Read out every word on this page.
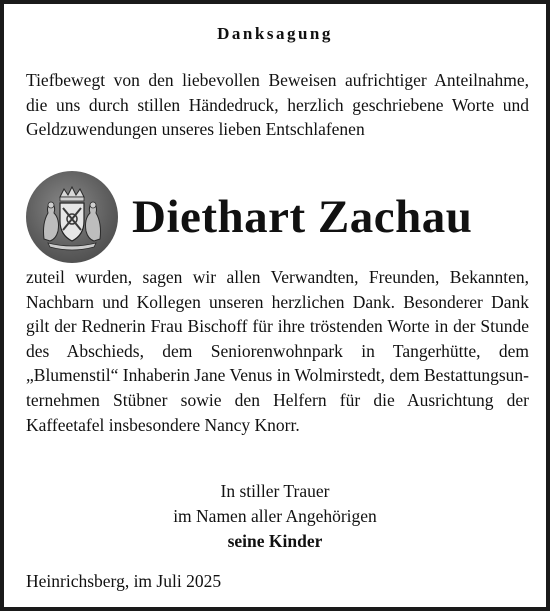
Danksagung

Tiefbewegt von den liebevollen Beweisen aufrichtiger Anteilnahme, die uns durch stillen Händedruck, herzlich geschriebene Worte und Geldzuwendungen unseres lieben Entschlafenen

Diethart Zachau

zuteil wurden, sagen wir allen Verwandten, Freunden, Bekannten, Nachbarn und Kollegen unseren herzlichen Dank. Besonderer Dank gilt der Rednerin Frau Bischoff für ihre tröstenden Worte in der Stunde des Abschieds, dem Seniorenwohnpark in Tangerhütte, dem „Blumenstil“ Inhaberin Jane Venus in Wolmirstedt, dem Bestattungsunternehmen Stübner sowie den Helfern für die Ausrichtung der Kaffeetafel insbesondere Nancy Knorr.

In stiller Trauer
im Namen aller Angehörigen
seine Kinder
Heinrichsberg, im Juli 2025
